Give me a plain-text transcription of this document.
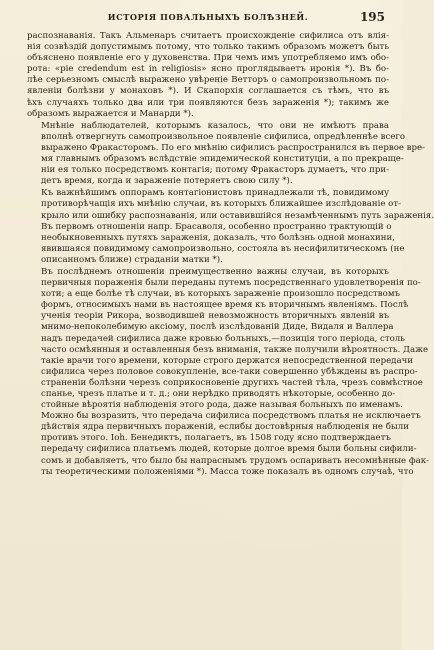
ИСТОРІЯ ПОВАЛЬНЫХЪ БОЛѢЗНЕЙ.	195
распознаванія. Такъ Альменаръ считаетъ происхожденіе сифилиса отъ влія-
нія созвѣздій допустимымъ потому, что только такимъ образомъ можетъ быть
объяснено появленіе его у духовенства. При чемъ имъ употребляемо имъ обо-
рота: «pie credendum est in religiosis» ясно проглядываетъ иронія *). Въ бо-
лѣе серьезномъ смыслѣ выражено увѣреніе Ветторъ о самопроизвольномъ по-
явленіи болѣзни у монаховъ *). И Скапорхія соглашается съ тѣмъ, что въ
ѣхъ случаяхъ только два или три появляются безъ зараженія *); такимъ же
образомъ выражается и Манарди *).
Мнѣніе наблюдателей, которымъ казалось, что они не имѣютъ права
вполнѣ отвергнуть самопроизвольное появленіе сифилиса, опредѣленнѣе всего
выражено Фракасторомъ. По его мнѣнію сифилисъ распространился въ первое вре-
мя главнымъ образомъ вслѣдствіе эпидемической конституціи, а по прекраще-
ніи ея только посредствомъ контагія; потому Фракасторъ думаетъ, что при-
детъ время, когда и зараженіе потеряетъ свою силу *).
Къ важнѣйшимъ оппорамъ контагіонистовъ принадлежали тѣ, повидимому
противорѣчащія ихъ мнѣнію случаи, въ которыхъ ближайшее изслѣдованіе от-
крыло или ошибку распознаванія, или оставившійся незамѣченнымъ путь зараженія.
Въ первомъ отношеніи напр. Брасаволя, особенно пространно трактующій о
необыкновенныхъ путяхъ зараженія, доказалъ, что болѣзнь одной монахини,
явившаяся повидимому самопроизвольно, состояла въ несифилитическомъ (не
описанномъ ближе) страданіи матки *).
Въ послѣднемъ отношеніи преимущественно важны случаи, въ которыхъ
первичныя пораженія были переданы путемъ посредственнаго удовлетворенія по-
хоти; а еще болѣе тѣ случаи, въ которыхъ зараженіе произошло посредствомъ
формъ, относимыхъ нами въ настоящее время къ вторичнымъ явленіямъ. Послѣ
ученія теоріи Рикора, возводившей невозможность вторичныхъ явленій въ
мнимо-непоколебимую аксіому, послѣ изслѣдованій Диде, Видаля и Валлера
надъ передачей сифилиса даже кровью больныхъ,—позиція того періода, столь
часто осмѣянныя и оставленныя безъ вниманія, также получили вѣроятность. Даже
такіе врачи того времени, которые строго держатся непосредственной передачи
сифилиса через половое совокупленіе, все-таки совершенно убѣждены въ распро-
страненіи болѣзни черезъ соприкосновеніе другихъ частей тѣла, чрезъ совмѣстное
спанье, чрезъ платье и т. д.; они нерѣдко приводятъ нѣкоторые, особенно до-
стойные вѣроятія наблюденія этого рода, даже называя больныхъ по именамъ.
Можно бы возразить, что передача сифилиса посредствомъ платья не исключаетъ
дѣйствія ядра первичныхъ пораженій, еслибы достовѣрныя наблюденія не были
противъ этого. Ioh. Бенедиктъ, полагаетъ, въ 1508 году ясно подтверждаетъ
передачу сифилиса платьемъ людей, которые долгое время были больны сифили-
сомъ и добавляетъ, что было бы напраснымъ трудомъ оспаривать несомнѣнные фак-
ты теоретическими положеніями *). Масса тоже показалъ въ одномъ случаѣ, что
